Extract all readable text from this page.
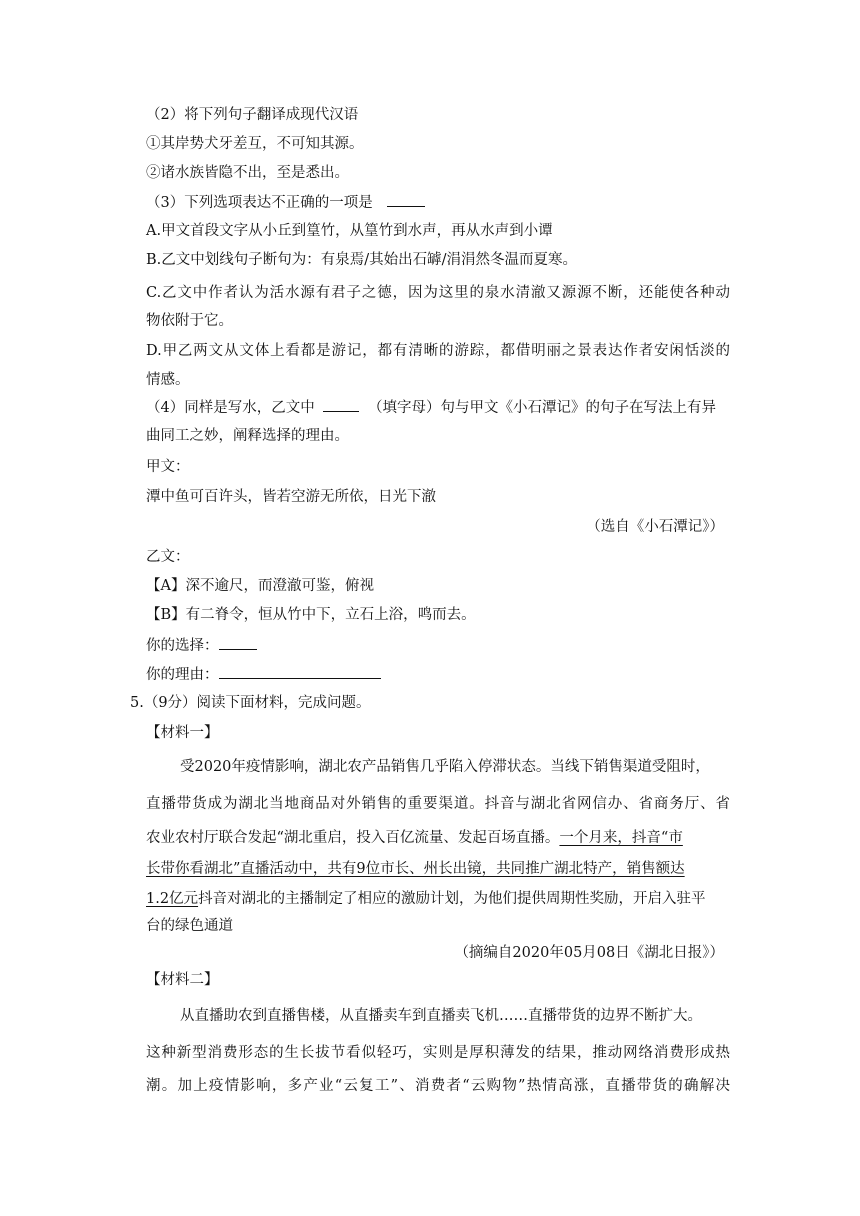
（2）将下列句子翻译成现代汉语
①其岸势犬牙差互，不可知其源。
②诸水族皆隐不出，至是悉出。
（3）下列选项表达不正确的一项是
A.甲文首段文字从小丘到篁竹，从篁竹到水声，再从水声到小谭
B.乙文中划线句子断句为：有泉焉/其始出石罅/涓涓然冬温而夏寒。
C.乙文中作者认为活水源有君子之德，因为这里的泉水清澈又源源不断，还能使各种动
物依附于它。
D.甲乙两文从文体上看都是游记，都有清晰的游踪，都借明丽之景表达作者安闲恬淡的
情感。
（4）同样是写水，乙文中	（填字母）句与甲文《小石潭记》的句子在写法上有异
曲同工之妙，阐释选择的理由。
甲文：
潭中鱼可百许头，皆若空游无所依，日光下澈
（选自《小石潭记》）
乙文：
【A】深不逾尺，而澄澈可鉴，俯视
【B】有二脊令，恒从竹中下，立石上浴，鸣而去。
你的选择：
你的理由：
5.（9分）阅读下面材料，完成问题。
【材料一】
受2020年疫情影响，湖北农产品销售几乎陷入停滞状态。当线下销售渠道受阻时，
直播带货成为湖北当地商品对外销售的重要渠道。抖音与湖北省网信办、省商务厅、省
农业农村厅联合发起“湖北重启，投入百亿流量、发起百场直播。一个月来，抖音“市
长带你看湖北”直播活动中，共有9位市长、州长出镜，共同推广湖北特产，销售额达
1.2亿元抖音对湖北的主播制定了相应的激励计划，为他们提供周期性奖励，开启入驻平
台的绿色通道
（摘编自2020年05月08日《湖北日报》）
【材料二】
从直播助农到直播售楼，从直播卖车到直播卖飞机……直播带货的边界不断扩大。
这种新型消费形态的生长拔节看似轻巧，实则是厚积薄发的结果，推动网络消费形成热
潮。加上疫情影响，多产业“云复工”、消费者“云购物”热情高涨，直播带货的确解决
